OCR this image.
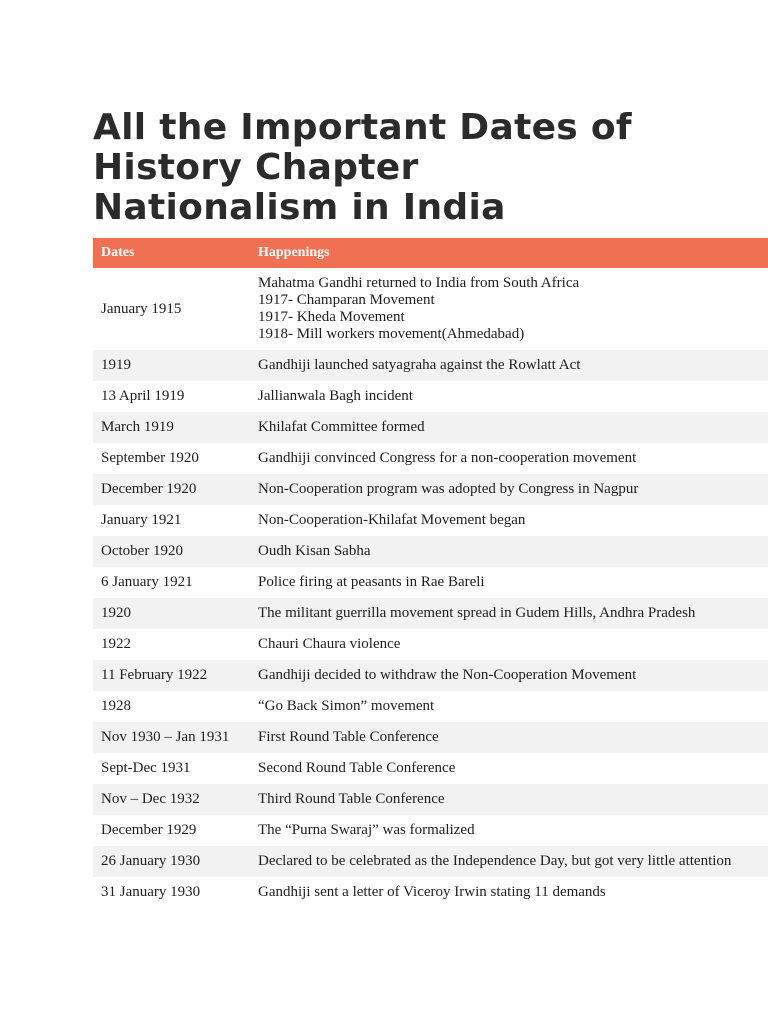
All the Important Dates of
History Chapter
Nationalism in India
Dates	Happenings
January 1915	Mahatma Gandhi returned to India from South Africa
1917- Champaran Movement
1917- Kheda Movement
1918- Mill workers movement(Ahmedabad)

1919	Gandhiji launched satyagraha against the Rowlatt Act
13 April 1919	Jallianwala Bagh incident
March 1919	Khilafat Committee formed
September 1920	Gandhiji convinced Congress for a non-cooperation movement
December 1920	Non-Cooperation program was adopted by Congress in Nagpur
January 1921	Non-Cooperation-Khilafat Movement began
October 1920	Oudh Kisan Sabha
6 January 1921	Police firing at peasants in Rae Bareli
1920	The militant guerrilla movement spread in Gudem Hills, Andhra Pradesh
1922	Chauri Chaura violence
11 February 1922	Gandhiji decided to withdraw the Non-Cooperation Movement
1928	“Go Back Simon” movement
Nov 1930 – Jan 1931	First Round Table Conference
Sept-Dec 1931	Second Round Table Conference
Nov – Dec 1932	Third Round Table Conference
December 1929	The “Purna Swaraj” was formalized
26 January 1930	Declared to be celebrated as the Independence Day, but got very little attention
31 January 1930	Gandhiji sent a letter of Viceroy Irwin stating 11 demands
